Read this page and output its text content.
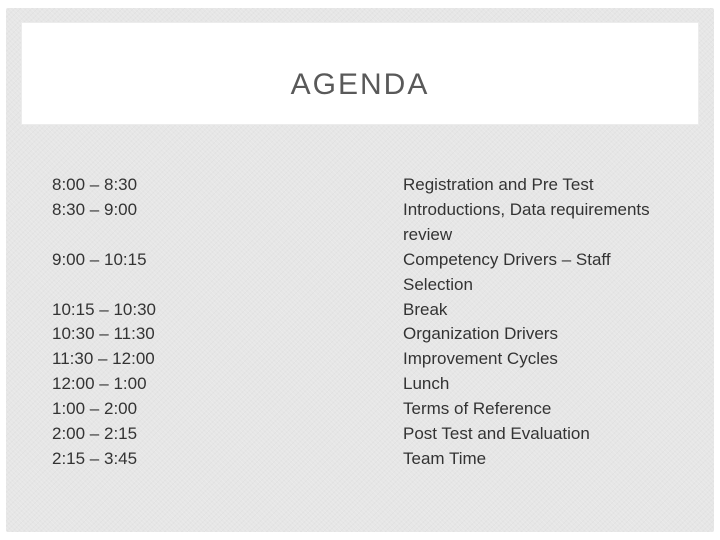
AGENDA
8:00 – 8:30
8:30 – 9:00

9:00 – 10:15

10:15 – 10:30
10:30 – 11:30
11:30 – 12:00
12:00 – 1:00
1:00 – 2:00
2:00 – 2:15
2:15 – 3:45
Registration and Pre Test
Introductions, Data requirements review
Competency Drivers – Staff Selection
Break
Organization Drivers
Improvement Cycles
Lunch
Terms of Reference
Post Test and Evaluation
Team Time
